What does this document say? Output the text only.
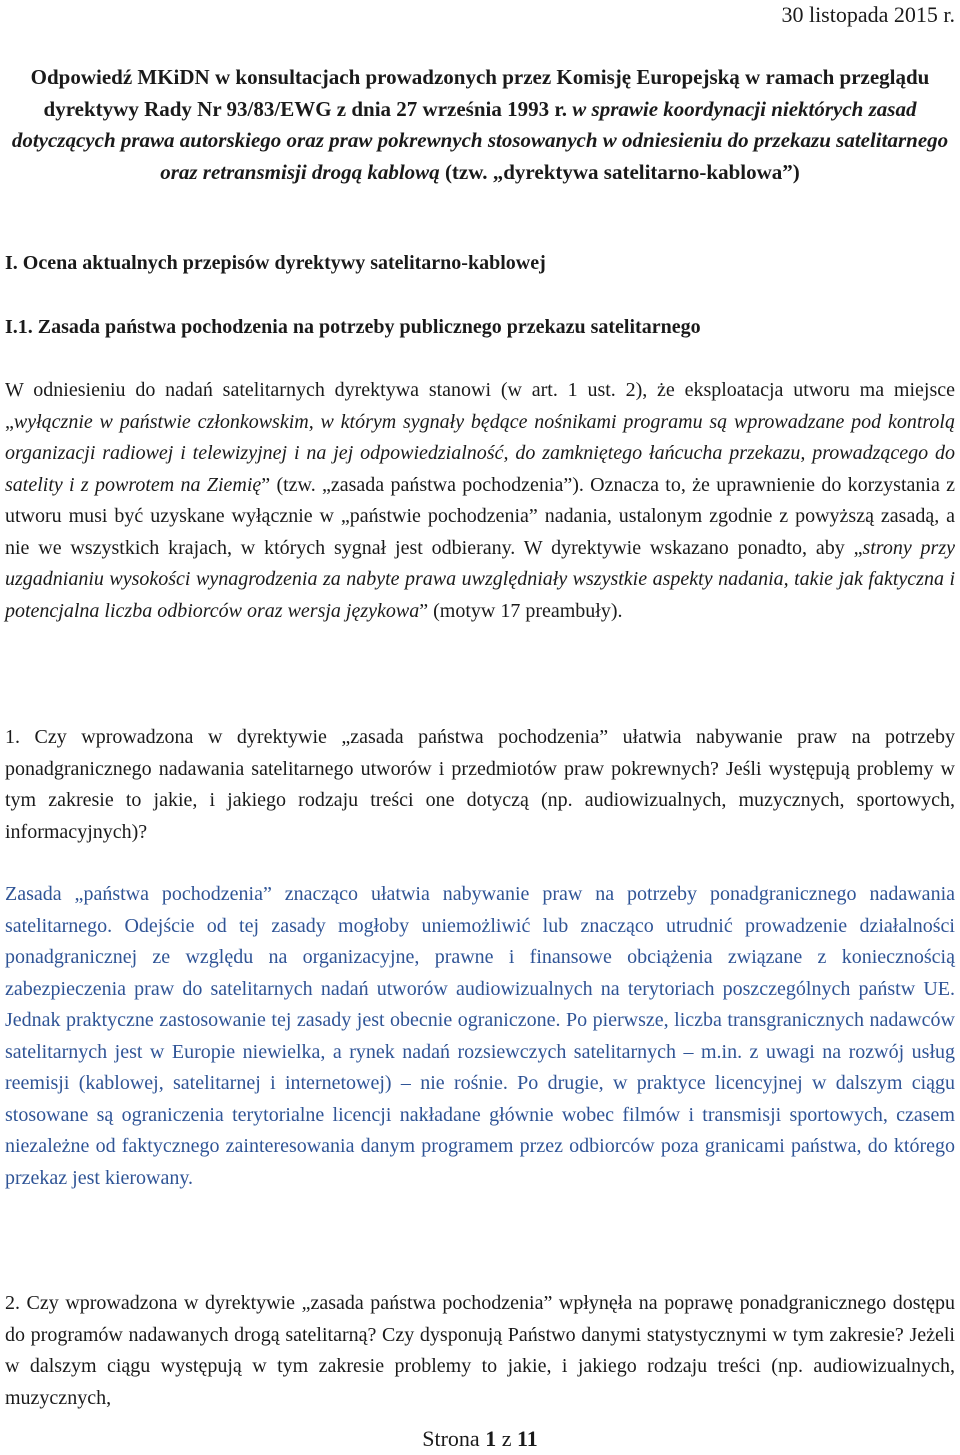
30 listopada 2015 r.
Odpowiedź MKiDN w konsultacjach prowadzonych przez Komisję Europejską w ramach przeglądu dyrektywy Rady Nr 93/83/EWG z dnia 27 września 1993 r. w sprawie koordynacji niektórych zasad dotyczących prawa autorskiego oraz praw pokrewnych stosowanych w odniesieniu do przekazu satelitarnego oraz retransmisji drogą kablową (tzw. „dyrektywa satelitarno-kablowa”)
I. Ocena aktualnych przepisów dyrektywy satelitarno-kablowej
I.1. Zasada państwa pochodzenia na potrzeby publicznego przekazu satelitarnego
W odniesieniu do nadań satelitarnych dyrektywa stanowi (w art. 1 ust. 2), że eksploatacja utworu ma miejsce „wyłącznie w państwie członkowskim, w którym sygnały będące nośnikami programu są wprowadzane pod kontrolą organizacji radiowej i telewizyjnej i na jej odpowiedzialność, do zamkniętego łańcucha przekazu, prowadzącego do satelity i z powrotem na Ziemię” (tzw. „zasada państwa pochodzenia”). Oznacza to, że uprawnienie do korzystania z utworu musi być uzyskane wyłącznie w „państwie pochodzenia” nadania, ustalonym zgodnie z powyższą zasadą, a nie we wszystkich krajach, w których sygnał jest odbierany. W dyrektywie wskazano ponadto, aby „strony przy uzgadnianiu wysokości wynagrodzenia za nabyte prawa uwzględniały wszystkie aspekty nadania, takie jak faktyczna i potencjalna liczba odbiorców oraz wersja językowa” (motyw 17 preambuły).
1. Czy wprowadzona w dyrektywie „zasada państwa pochodzenia” ułatwia nabywanie praw na potrzeby ponadgranicznego nadawania satelitarnego utworów i przedmiotów praw pokrewnych? Jeśli występują problemy w tym zakresie to jakie, i jakiego rodzaju treści one dotyczą (np. audiowizualnych, muzycznych, sportowych, informacyjnych)?
Zasada „państwa pochodzenia” znacząco ułatwia nabywanie praw na potrzeby ponadgranicznego nadawania satelitarnego. Odejście od tej zasady mogłoby uniemożliwić lub znacząco utrudnić prowadzenie działalności ponadgranicznej ze względu na organizacyjne, prawne i finansowe obciążenia związane z koniecznością zabezpieczenia praw do satelitarnych nadań utworów audiowizualnych na terytoriach poszczególnych państw UE. Jednak praktyczne zastosowanie tej zasady jest obecnie ograniczone. Po pierwsze, liczba transgranicznych nadawców satelitarnych jest w Europie niewielka, a rynek nadań rozsiewczych satelitarnych – m.in. z uwagi na rozwój usług reemisji (kablowej, satelitarnej i internetowej) – nie rośnie. Po drugie, w praktyce licencyjnej w dalszym ciągu stosowane są ograniczenia terytorialne licencji nakładane głównie wobec filmów i transmisji sportowych, czasem niezależne od faktycznego zainteresowania danym programem przez odbiorców poza granicami państwa, do którego przekaz jest kierowany.
2. Czy wprowadzona w dyrektywie „zasada państwa pochodzenia” wpłynęła na poprawę ponadgranicznego dostępu do programów nadawanych drogą satelitarną? Czy dysponują Państwo danymi statystycznymi w tym zakresie? Jeżeli w dalszym ciągu występują w tym zakresie problemy to jakie, i jakiego rodzaju treści (np. audiowizualnych, muzycznych,
Strona 1 z 11
